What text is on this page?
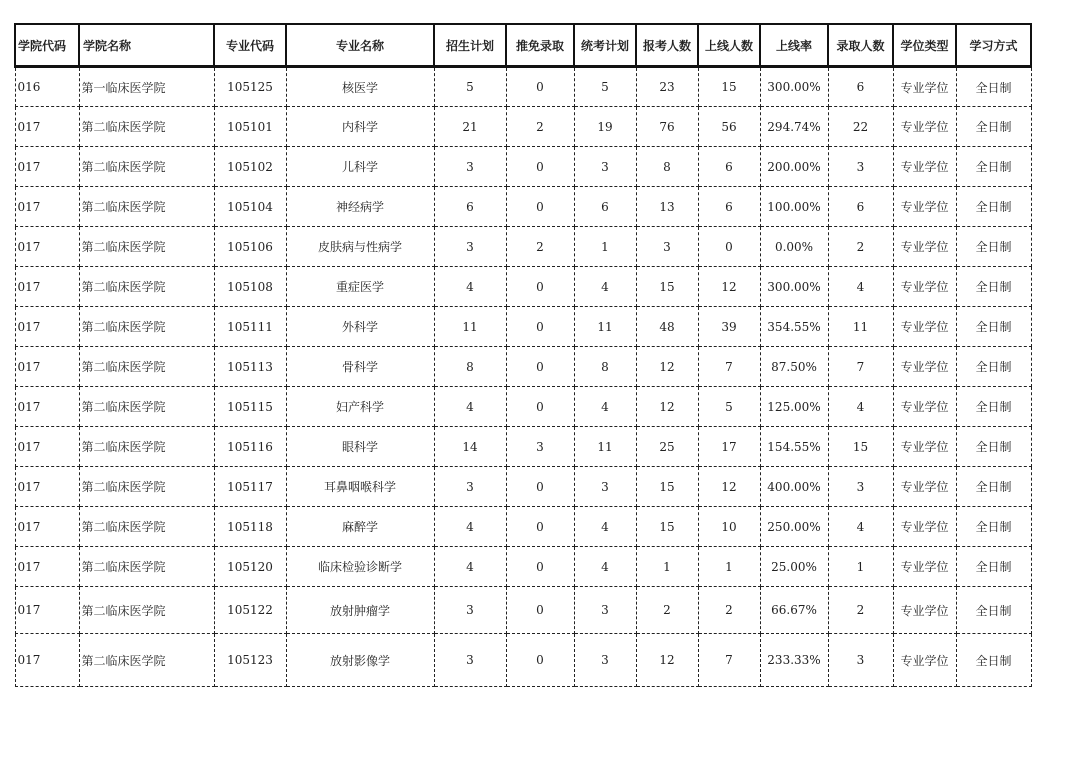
学院代码	学院名称	专业代码	专业名称	招生计划	推免录取	统考计划	报考人数	上线人数	上线率	录取人数	学位类型	学习方式
016	第一临床医学院	105125	核医学	5	0	5	23	15	300.00%	6	专业学位	全日制
017	第二临床医学院	105101	内科学	21	2	19	76	56	294.74%	22	专业学位	全日制
017	第二临床医学院	105102	儿科学	3	0	3	8	6	200.00%	3	专业学位	全日制
017	第二临床医学院	105104	神经病学	6	0	6	13	6	100.00%	6	专业学位	全日制
017	第二临床医学院	105106	皮肤病与性病学	3	2	1	3	0	0.00%	2	专业学位	全日制
017	第二临床医学院	105108	重症医学	4	0	4	15	12	300.00%	4	专业学位	全日制
017	第二临床医学院	105111	外科学	11	0	11	48	39	354.55%	11	专业学位	全日制
017	第二临床医学院	105113	骨科学	8	0	8	12	7	87.50%	7	专业学位	全日制
017	第二临床医学院	105115	妇产科学	4	0	4	12	5	125.00%	4	专业学位	全日制
017	第二临床医学院	105116	眼科学	14	3	11	25	17	154.55%	15	专业学位	全日制
017	第二临床医学院	105117	耳鼻咽喉科学	3	0	3	15	12	400.00%	3	专业学位	全日制
017	第二临床医学院	105118	麻醉学	4	0	4	15	10	250.00%	4	专业学位	全日制
017	第二临床医学院	105120	临床检验诊断学	4	0	4	1	1	25.00%	1	专业学位	全日制
017	第二临床医学院	105122	放射肿瘤学	3	0	3	2	2	66.67%	2	专业学位	全日制
017	第二临床医学院	105123	放射影像学	3	0	3	12	7	233.33%	3	专业学位	全日制
